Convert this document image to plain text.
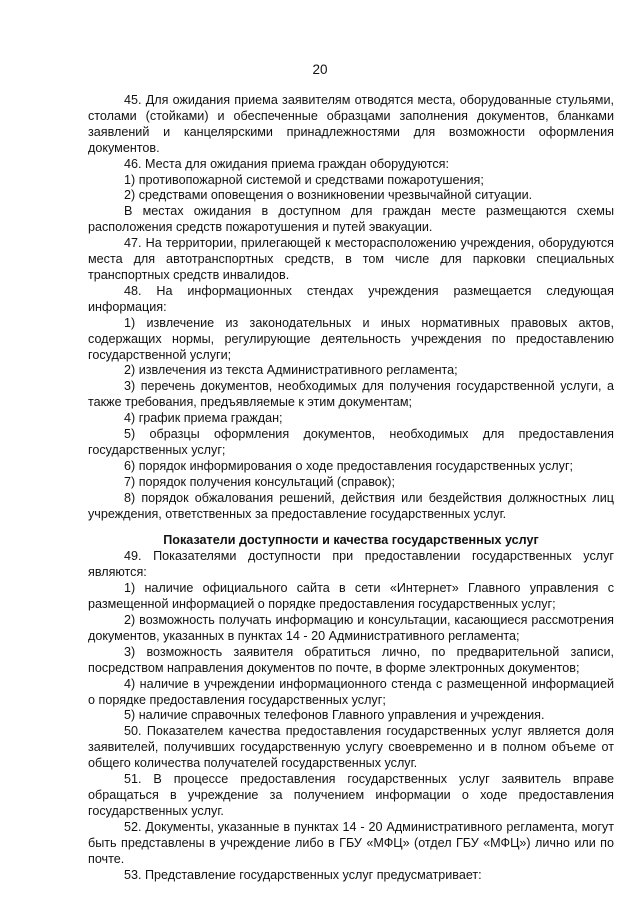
20

45. Для ожидания приема заявителям отводятся места, оборудованные стульями, столами (стойками) и обеспеченные образцами заполнения документов, бланками заявлений и канцелярскими принадлежностями для возможности оформления документов.

46. Места для ожидания приема граждан оборудуются:

1) противопожарной системой и средствами пожаротушения;

2) средствами оповещения о возникновении чрезвычайной ситуации.

В местах ожидания в доступном для граждан месте размещаются схемы расположения средств пожаротушения и путей эвакуации.

47. На территории, прилегающей к месторасположению учреждения, оборудуются места для автотранспортных средств, в том числе для парковки специальных транспортных средств инвалидов.

48. На информационных стендах учреждения размещается следующая информация:

1) извлечение из законодательных и иных нормативных правовых актов, содержащих нормы, регулирующие деятельность учреждения по предоставлению государственной услуги;

2) извлечения из текста Административного регламента;

3) перечень документов, необходимых для получения государственной услуги, а также требования, предъявляемые к этим документам;

4) график приема граждан;

5) образцы оформления документов, необходимых для предоставления государственных услуг;

6) порядок информирования о ходе предоставления государственных услуг;

7) порядок получения консультаций (справок);

8) порядок обжалования решений, действия или бездействия должностных лиц учреждения, ответственных за предоставление государственных услуг.

Показатели доступности и качества государственных услуг

49. Показателями доступности при предоставлении государственных услуг являются:

1) наличие официального сайта в сети «Интернет» Главного управления с размещенной информацией о порядке предоставления государственных услуг;

2) возможность получать информацию и консультации, касающиеся рассмотрения документов, указанных в пунктах 14 - 20 Административного регламента;

3) возможность заявителя обратиться лично, по предварительной записи, посредством направления документов по почте, в форме электронных документов;

4) наличие в учреждении информационного стенда с размещенной информацией о порядке предоставления государственных услуг;

5) наличие справочных телефонов Главного управления и учреждения.

50. Показателем качества предоставления государственных услуг является доля заявителей, получивших государственную услугу своевременно и в полном объеме от общего количества получателей государственных услуг.

51. В процессе предоставления государственных услуг заявитель вправе обращаться в учреждение за получением информации о ходе предоставления государственных услуг.

52. Документы, указанные в пунктах 14 - 20 Административного регламента, могут быть представлены в учреждение либо в ГБУ «МФЦ» (отдел ГБУ «МФЦ») лично или по почте.

53. Представление государственных услуг предусматривает:
